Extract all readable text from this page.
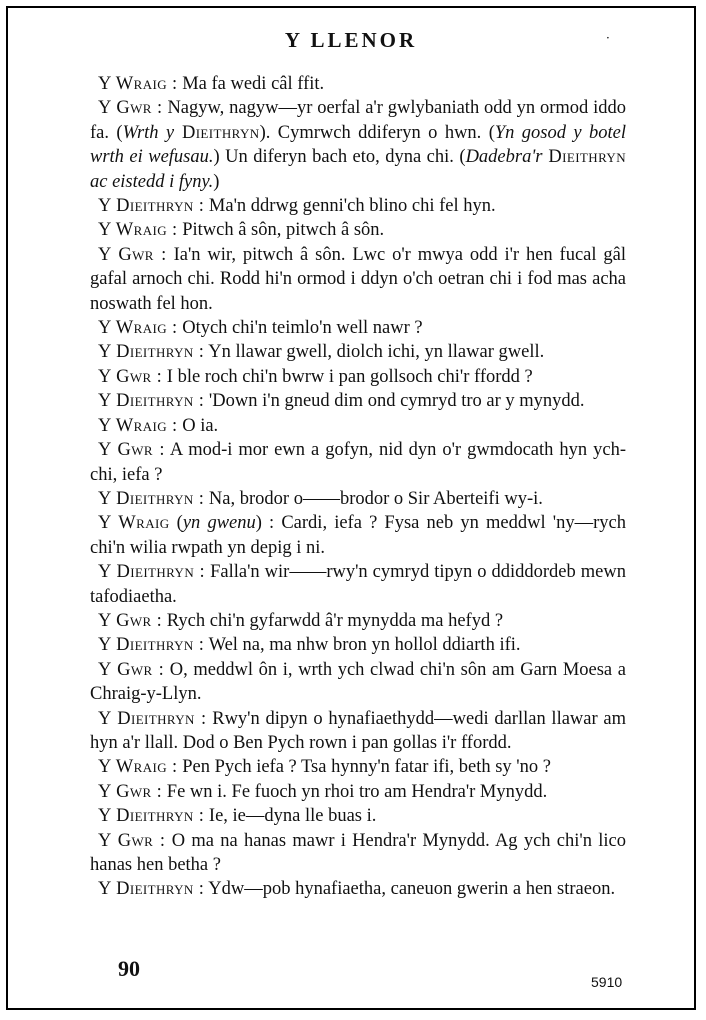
Y LLENOR	·

Y Wraig : Ma fa wedi câl ffit.

Y Gwr : Nagyw, nagyw—yr oerfal a'r gwlybaniath odd yn ormod iddo fa. (Wrth y Dieithryn). Cymrwch ddiferyn o hwn. (Yn gosod y botel wrth ei wefusau.) Un diferyn bach eto, dyna chi. (Dadebra'r Dieithryn ac eistedd i fyny.)

Y Dieithryn : Ma'n ddrwg genni'ch blino chi fel hyn.

Y Wraig : Pitwch â sôn, pitwch â sôn.

Y Gwr : Ia'n wir, pitwch â sôn. Lwc o'r mwya odd i'r hen fucal gâl gafal arnoch chi. Rodd hi'n ormod i ddyn o'ch oetran chi i fod mas acha noswath fel hon.

Y Wraig : Otych chi'n teimlo'n well nawr ?

Y Dieithryn : Yn llawar gwell, diolch ichi, yn llawar gwell.

Y Gwr : I ble roch chi'n bwrw i pan gollsoch chi'r ffordd ?

Y Dieithryn : 'Down i'n gneud dim ond cymryd tro ar y mynydd.

Y Wraig : O ia.

Y Gwr : A mod-i mor ewn a gofyn, nid dyn o'r gwmdocath hyn ych-chi, iefa ?

Y Dieithryn : Na, brodor o——brodor o Sir Aberteifi wy-i.

Y Wraig (yn gwenu) : Cardi, iefa ? Fysa neb yn meddwl 'ny—rych chi'n wilia rwpath yn depig i ni.

Y Dieithryn : Falla'n wir——rwy'n cymryd tipyn o ddiddordeb mewn tafodiaetha.

Y Gwr : Rych chi'n gyfarwdd â'r mynydda ma hefyd ?

Y Dieithryn : Wel na, ma nhw bron yn hollol ddiarth ifi.

Y Gwr : O, meddwl ôn i, wrth ych clwad chi'n sôn am Garn Moesa a Chraig-y-Llyn.

Y Dieithryn : Rwy'n dipyn o hynafiaethydd—wedi darllan llawar am hyn a'r llall. Dod o Ben Pych rown i pan gollas i'r ffordd.

Y Wraig : Pen Pych iefa ? Tsa hynny'n fatar ifi, beth sy 'no ?

Y Gwr : Fe wn i. Fe fuoch yn rhoi tro am Hendra'r Mynydd.

Y Dieithryn : Ie, ie—dyna lle buas i.

Y Gwr : O ma na hanas mawr i Hendra'r Mynydd. Ag ych chi'n lico hanas hen betha ?

Y Dieithryn : Ydw—pob hynafiaetha, caneuon gwerin a hen straeon.

90
5910
